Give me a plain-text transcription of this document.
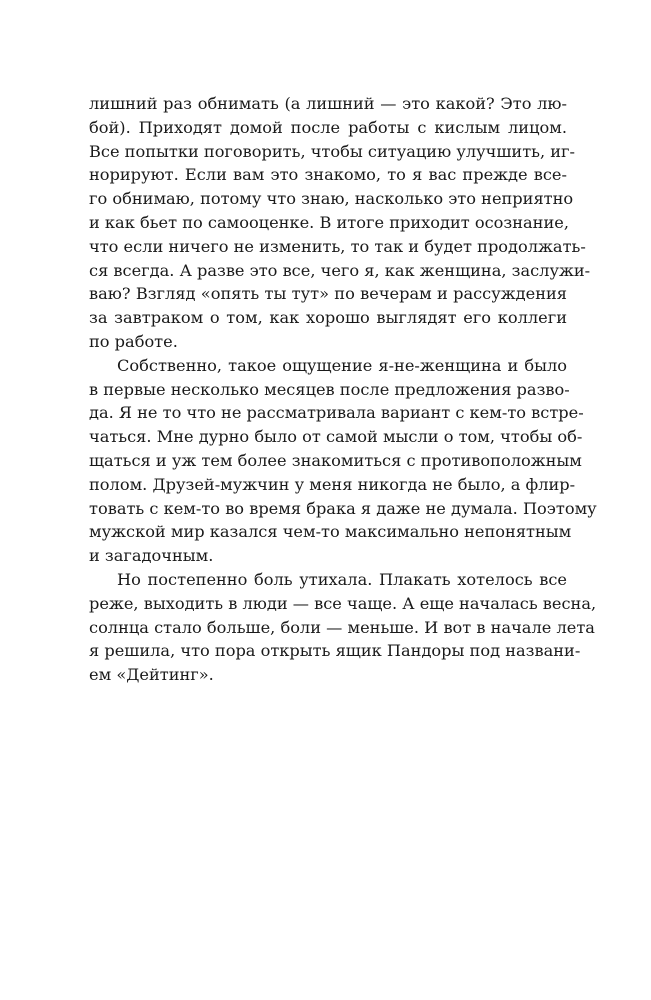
лишний раз обнимать (а лишний — это какой? Это лю-
бой). Приходят домой после работы с кислым лицом.
Все попытки поговорить, чтобы ситуацию улучшить, иг-
норируют. Если вам это знакомо, то я вас прежде все-
го обнимаю, потому что знаю, насколько это неприятно
и как бьет по самооценке. В итоге приходит осознание,
что если ничего не изменить, то так и будет продолжать-
ся всегда. А разве это все, чего я, как женщина, заслужи-
ваю? Взгляд «опять ты тут» по вечерам и рассуждения
за завтраком о том, как хорошо выглядят его коллеги
по работе.
Собственно, такое ощущение я-не-женщина и было
в первые несколько месяцев после предложения разво-
да. Я не то что не рассматривала вариант с кем-то встре-
чаться. Мне дурно было от самой мысли о том, чтобы об-
щаться и уж тем более знакомиться с противоположным
полом. Друзей-мужчин у меня никогда не было, а флир-
товать с кем-то во время брака я даже не думала. Поэтому
мужской мир казался чем-то максимально непонятным
и загадочным.
Но постепенно боль утихала. Плакать хотелось все
реже, выходить в люди — все чаще. А еще началась весна,
солнца стало больше, боли — меньше. И вот в начале лета
я решила, что пора открыть ящик Пандоры под названи-
ем «Дейтинг».
